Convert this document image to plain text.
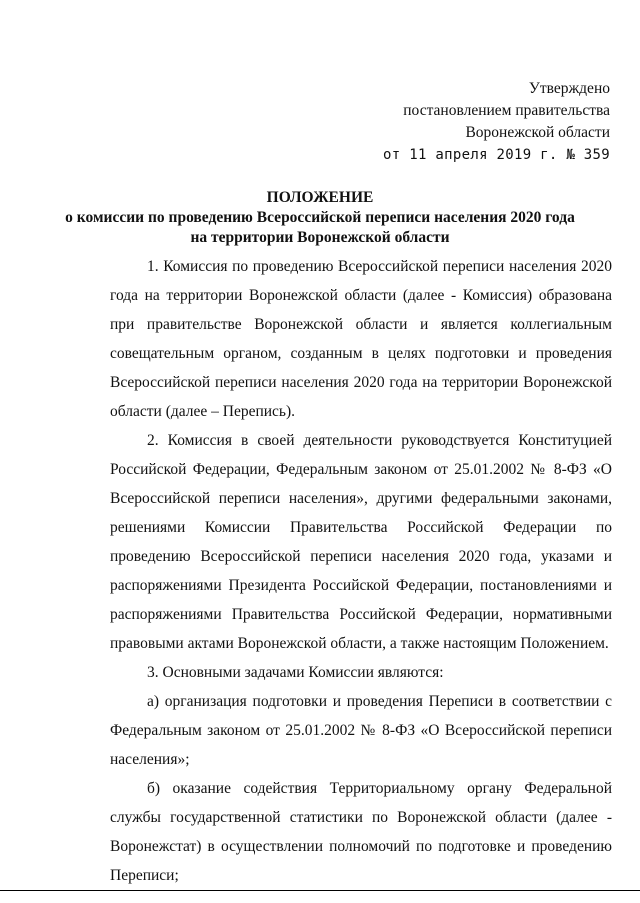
Утверждено
постановлением правительства
Воронежской области
от 11 апреля 2019 г. № 359
ПОЛОЖЕНИЕ
о комиссии по проведению Всероссийской переписи населения 2020 года
на территории Воронежской области

1. Комиссия по проведению Всероссийской переписи населения 2020 года на территории Воронежской области (далее - Комиссия) образована при правительстве Воронежской области и является коллегиальным совещательным органом, созданным в целях подготовки и проведения Всероссийской переписи населения 2020 года на территории Воронежской области (далее – Перепись).

2. Комиссия в своей деятельности руководствуется Конституцией Российской Федерации, Федеральным законом от 25.01.2002 № 8-ФЗ «О Всероссийской переписи населения», другими федеральными законами, решениями Комиссии Правительства Российской Федерации по проведению Всероссийской переписи населения 2020 года, указами и распоряжениями Президента Российской Федерации, постановлениями и распоряжениями Правительства Российской Федерации, нормативными правовыми актами Воронежской области, а также настоящим Положением.

3. Основными задачами Комиссии являются:

а) организация подготовки и проведения Переписи в соответствии с Федеральным законом от 25.01.2002 № 8-ФЗ «О Всероссийской переписи населения»;

б) оказание содействия Территориальному органу Федеральной службы государственной статистики по Воронежской области (далее - Воронежстат) в осуществлении полномочий по подготовке и проведению Переписи;
